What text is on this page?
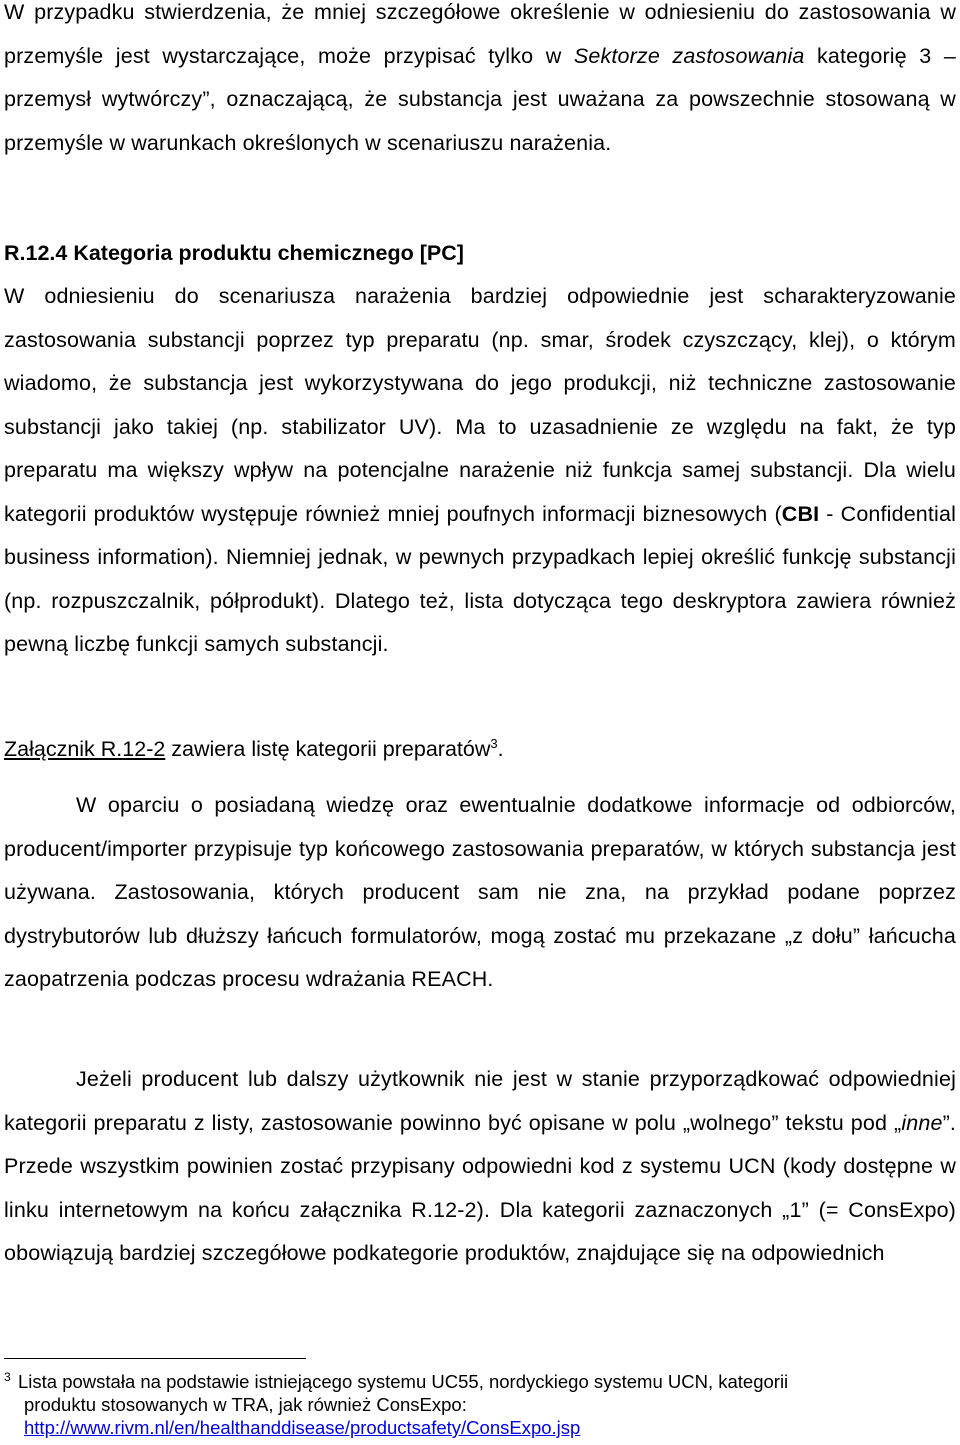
W przypadku stwierdzenia, że mniej szczegółowe określenie w odniesieniu do zastosowania w przemyśle jest wystarczające, może przypisać tylko w Sektorze zastosowania kategorię 3 – przemysł wytwórczy”, oznaczającą, że substancja jest uważana za powszechnie stosowaną w przemyśle w warunkach określonych w scenariuszu narażenia.

R.12.4 Kategoria produktu chemicznego [PC]

W odniesieniu do scenariusza narażenia bardziej odpowiednie jest scharakteryzowanie zastosowania substancji poprzez typ preparatu (np. smar, środek czyszczący, klej), o którym wiadomo, że substancja jest wykorzystywana do jego produkcji, niż techniczne zastosowanie substancji jako takiej (np. stabilizator UV). Ma to uzasadnienie ze względu na fakt, że typ preparatu ma większy wpływ na potencjalne narażenie niż funkcja samej substancji. Dla wielu kategorii produktów występuje również mniej poufnych informacji biznesowych (CBI - Confidential business information). Niemniej jednak, w pewnych przypadkach lepiej określić funkcję substancji (np. rozpuszczalnik, półprodukt). Dlatego też, lista dotycząca tego deskryptora zawiera również pewną liczbę funkcji samych substancji.

Załącznik R.12-2 zawiera listę kategorii preparatów$^3$.

W oparciu o posiadaną wiedzę oraz ewentualnie dodatkowe informacje od odbiorców, producent/importer przypisuje typ końcowego zastosowania preparatów, w których substancja jest używana. Zastosowania, których producent sam nie zna, na przykład podane poprzez dystrybutorów lub dłuższy łańcuch formulatorów, mogą zostać mu przekazane „z dołu” łańcucha zaopatrzenia podczas procesu wdrażania REACH.

Jeżeli producent lub dalszy użytkownik nie jest w stanie przyporządkować odpowiedniej kategorii preparatu z listy, zastosowanie powinno być opisane w polu „wolnego” tekstu pod „inne”. Przede wszystkim powinien zostać przypisany odpowiedni kod z systemu UCN (kody dostępne w linku internetowym na końcu załącznika R.12-2). Dla kategorii zaznaczonych „1” (= ConsExpo) obowiązują bardziej szczegółowe podkategorie produktów, znajdujące się na odpowiednich

3 Lista powstała na podstawie istniejącego systemu UC55, nordyckiego systemu UCN, kategorii
produktu stosowanych w TRA, jak również ConsExpo:
http://www.rivm.nl/en/healthanddisease/productsafety/ConsExpo.jsp
